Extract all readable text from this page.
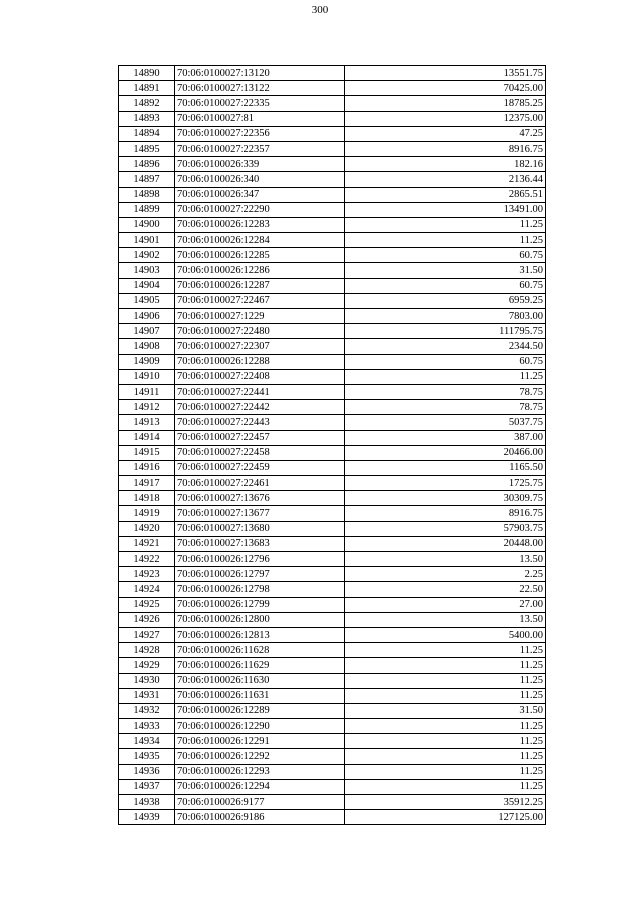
300
14890	70:06:0100027:13120	13551.75
14891	70:06:0100027:13122	70425.00
14892	70:06:0100027:22335	18785.25
14893	70:06:0100027:81	12375.00
14894	70:06:0100027:22356	47.25
14895	70:06:0100027:22357	8916.75
14896	70:06:0100026:339	182.16
14897	70:06:0100026:340	2136.44
14898	70:06:0100026:347	2865.51
14899	70:06:0100027:22290	13491.00
14900	70:06:0100026:12283	11.25
14901	70:06:0100026:12284	11.25
14902	70:06:0100026:12285	60.75
14903	70:06:0100026:12286	31.50
14904	70:06:0100026:12287	60.75
14905	70:06:0100027:22467	6959.25
14906	70:06:0100027:1229	7803.00
14907	70:06:0100027:22480	111795.75
14908	70:06:0100027:22307	2344.50
14909	70:06:0100026:12288	60.75
14910	70:06:0100027:22408	11.25
14911	70:06:0100027:22441	78.75
14912	70:06:0100027:22442	78.75
14913	70:06:0100027:22443	5037.75
14914	70:06:0100027:22457	387.00
14915	70:06:0100027:22458	20466.00
14916	70:06:0100027:22459	1165.50
14917	70:06:0100027:22461	1725.75
14918	70:06:0100027:13676	30309.75
14919	70:06:0100027:13677	8916.75
14920	70:06:0100027:13680	57903.75
14921	70:06:0100027:13683	20448.00
14922	70:06:0100026:12796	13.50
14923	70:06:0100026:12797	2.25
14924	70:06:0100026:12798	22.50
14925	70:06:0100026:12799	27.00
14926	70:06:0100026:12800	13.50
14927	70:06:0100026:12813	5400.00
14928	70:06:0100026:11628	11.25
14929	70:06:0100026:11629	11.25
14930	70:06:0100026:11630	11.25
14931	70:06:0100026:11631	11.25
14932	70:06:0100026:12289	31.50
14933	70:06:0100026:12290	11.25
14934	70:06:0100026:12291	11.25
14935	70:06:0100026:12292	11.25
14936	70:06:0100026:12293	11.25
14937	70:06:0100026:12294	11.25
14938	70:06:0100026:9177	35912.25
14939	70:06:0100026:9186	127125.00
